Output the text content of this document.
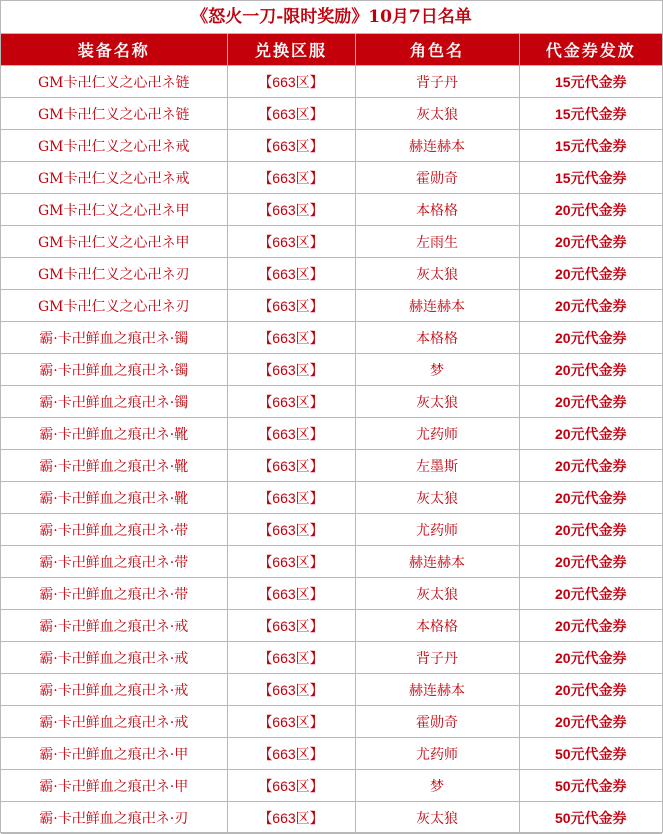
《怒火一刀-限时奖励》10月7日名单
装备名称	兑换区服	角色名	代金券发放
GM卡卍仁义之心卍ネ链	【663区】	背子丹	15元代金券
GM卡卍仁义之心卍ネ链	【663区】	灰太狼	15元代金券
GM卡卍仁义之心卍ネ戒	【663区】	赫连赫本	15元代金券
GM卡卍仁义之心卍ネ戒	【663区】	霍勋奇	15元代金券
GM卡卍仁义之心卍ネ甲	【663区】	本格格	20元代金券
GM卡卍仁义之心卍ネ甲	【663区】	左雨生	20元代金券
GM卡卍仁义之心卍ネ刃	【663区】	灰太狼	20元代金券
GM卡卍仁义之心卍ネ刃	【663区】	赫连赫本	20元代金券
霸·卡卍鲜血之痕卍ネ·镯	【663区】	本格格	20元代金券
霸·卡卍鲜血之痕卍ネ·镯	【663区】	梦	20元代金券
霸·卡卍鲜血之痕卍ネ·镯	【663区】	灰太狼	20元代金券
霸·卡卍鲜血之痕卍ネ·靴	【663区】	尤药师	20元代金券
霸·卡卍鲜血之痕卍ネ·靴	【663区】	左墨斯	20元代金券
霸·卡卍鲜血之痕卍ネ·靴	【663区】	灰太狼	20元代金券
霸·卡卍鲜血之痕卍ネ·带	【663区】	尤药师	20元代金券
霸·卡卍鲜血之痕卍ネ·带	【663区】	赫连赫本	20元代金券
霸·卡卍鲜血之痕卍ネ·带	【663区】	灰太狼	20元代金券
霸·卡卍鲜血之痕卍ネ·戒	【663区】	本格格	20元代金券
霸·卡卍鲜血之痕卍ネ·戒	【663区】	背子丹	20元代金券
霸·卡卍鲜血之痕卍ネ·戒	【663区】	赫连赫本	20元代金券
霸·卡卍鲜血之痕卍ネ·戒	【663区】	霍勋奇	20元代金券
霸·卡卍鲜血之痕卍ネ·甲	【663区】	尤药师	50元代金券
霸·卡卍鲜血之痕卍ネ·甲	【663区】	梦	50元代金券
霸·卡卍鲜血之痕卍ネ·刃	【663区】	灰太狼	50元代金券
